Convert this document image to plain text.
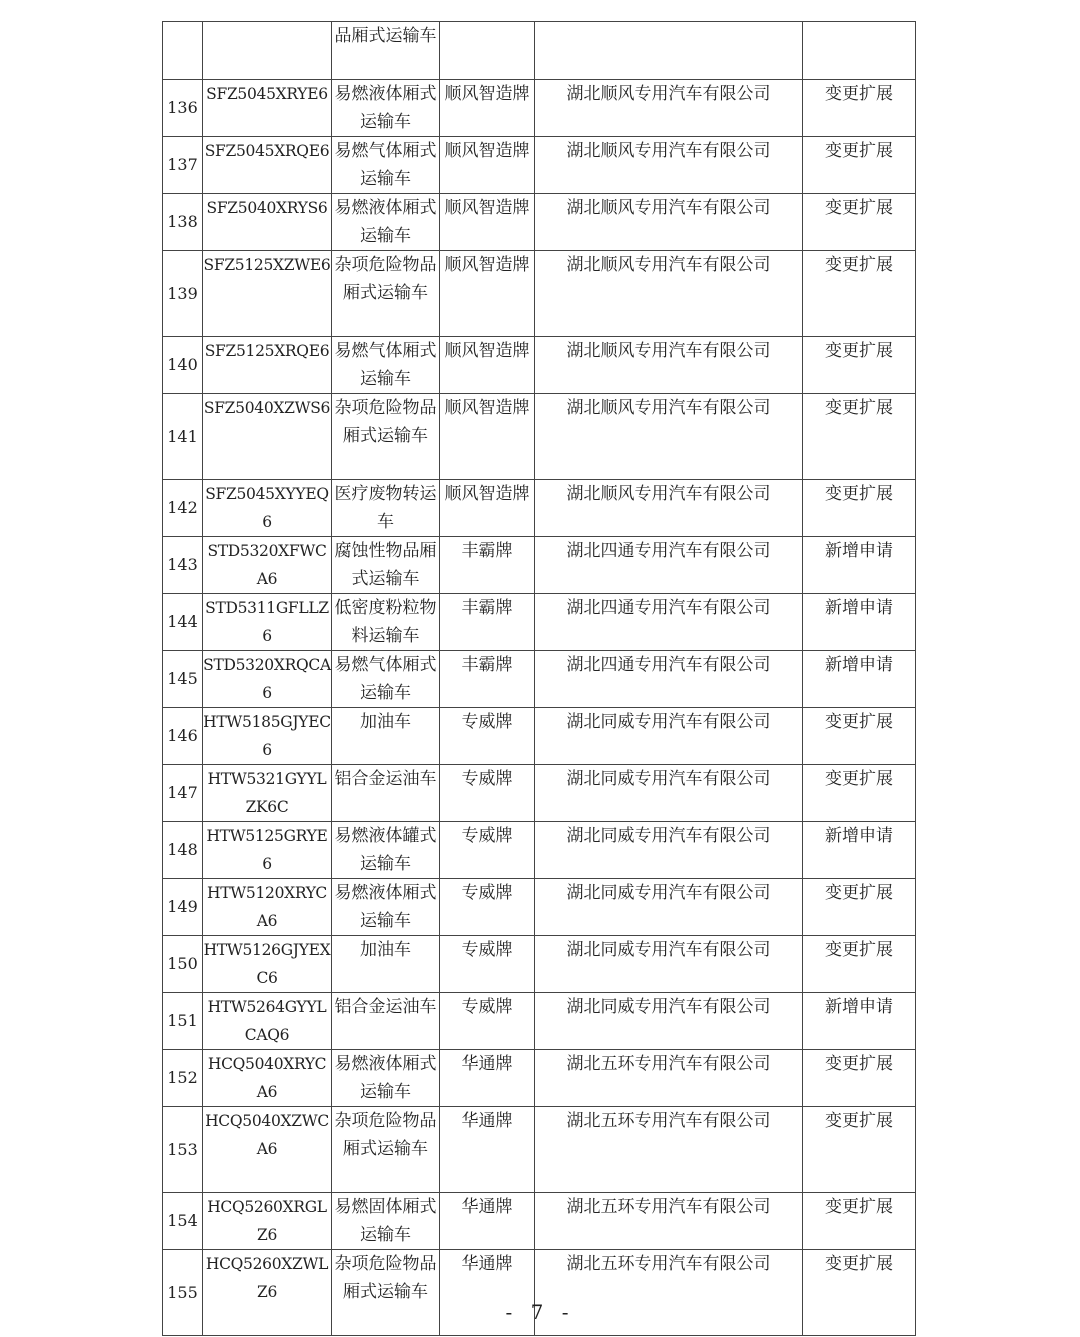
		品厢式运输车			

136	SFZ5045XRYE6	易燃液体厢式运输车	顺风智造牌	湖北顺风专用汽车有限公司	变更扩展

137	SFZ5045XRQE6	易燃气体厢式运输车	顺风智造牌	湖北顺风专用汽车有限公司	变更扩展

138	SFZ5040XRYS6	易燃液体厢式运输车	顺风智造牌	湖北顺风专用汽车有限公司	变更扩展

139	SFZ5125XZWE6	杂项危险物品厢式运输车	顺风智造牌	湖北顺风专用汽车有限公司	变更扩展

140	SFZ5125XRQE6	易燃气体厢式运输车	顺风智造牌	湖北顺风专用汽车有限公司	变更扩展

141	SFZ5040XZWS6	杂项危险物品厢式运输车	顺风智造牌	湖北顺风专用汽车有限公司	变更扩展

142	SFZ5045XYYEQ6	医疗废物转运车	顺风智造牌	湖北顺风专用汽车有限公司	变更扩展

143	STD5320XFWCA6	腐蚀性物品厢式运输车	丰霸牌	湖北四通专用汽车有限公司	新增申请

144	STD5311GFLLZ6	低密度粉粒物料运输车	丰霸牌	湖北四通专用汽车有限公司	新增申请

145	STD5320XRQCA6	易燃气体厢式运输车	丰霸牌	湖北四通专用汽车有限公司	新增申请

146	HTW5185GJYEC6	加油车	专威牌	湖北同威专用汽车有限公司	变更扩展

147	HTW5321GYYLZK6C	铝合金运油车	专威牌	湖北同威专用汽车有限公司	变更扩展

148	HTW5125GRYE6	易燃液体罐式运输车	专威牌	湖北同威专用汽车有限公司	新增申请

149	HTW5120XRYCA6	易燃液体厢式运输车	专威牌	湖北同威专用汽车有限公司	变更扩展

150	HTW5126GJYEXC6	加油车	专威牌	湖北同威专用汽车有限公司	变更扩展

151	HTW5264GYYLCAQ6	铝合金运油车	专威牌	湖北同威专用汽车有限公司	新增申请

152	HCQ5040XRYCA6	易燃液体厢式运输车	华通牌	湖北五环专用汽车有限公司	变更扩展

153	HCQ5040XZWCA6	杂项危险物品厢式运输车	华通牌	湖北五环专用汽车有限公司	变更扩展

154	HCQ5260XRGLZ6	易燃固体厢式运输车	华通牌	湖北五环专用汽车有限公司	变更扩展

155	HCQ5260XZWLZ6	杂项危险物品厢式运输车	华通牌	湖北五环专用汽车有限公司	变更扩展
- 7 -
